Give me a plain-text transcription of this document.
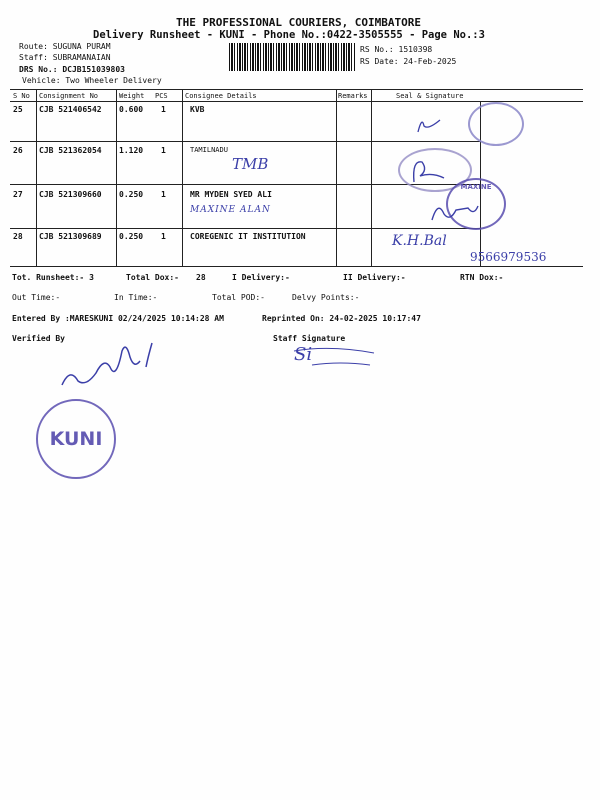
THE PROFESSIONAL COURIERS, COIMBATORE
Delivery Runsheet - KUNI - Phone No.:0422-3505555 - Page No.:3
Route: SUGUNA PURAM
Staff: SUBRAMANAIAN
DRS No.: DCJB151039803
Vehicle: Two Wheeler Delivery
RS No.: 1510398
RS Date: 24-Feb-2025
S No Consignment No	Weight PCS Consignee Details	Remarks	Seal & Signature
25 CJB 521406542 0.600 1	KVB
26 CJB 521362054 1.120 1	TAMILNADU
27 CJB 521309660 0.250 1	MR MYDEN SYED ALI
28 CJB 521309689 0.250 1	COREGENIC IT INSTITUTION
TMB
MAXINE ALAN
MAXINE
K.H.Bal
9566979536
Tot. Runsheet:- 3	Total Dox:- 28	I Delivery:-	II Delivery:-	RTN Dox:-
Out Time:-	In Time:-	Total POD:-	Delvy Points:-
Entered By :MARESKUNI 02/24/2025 10:14:28 AM	Reprinted On: 24-02-2025 10:17:47
Verified By	Staff Signature
Si
KUNI
